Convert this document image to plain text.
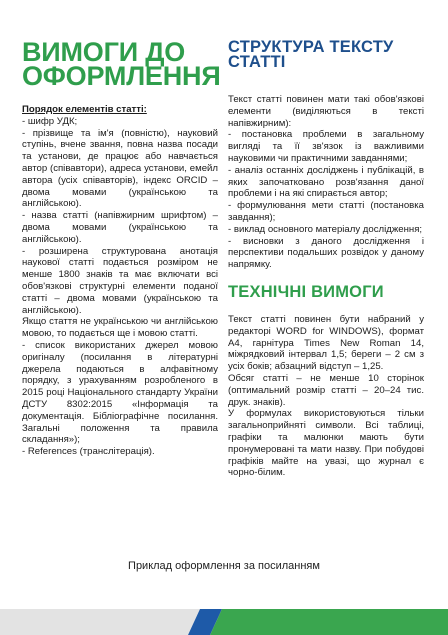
ВИМОГИ ДО
ОФОРМЛЕННЯ

Порядок елементів статті:

- шифр УДК;

- прізвище та ім'я (повністю), науковий ступінь, вчене звання, повна назва посади та установи, де працює або навчається автор (співавтори), адреса установи, емейл автора (усіх співавторів), індекс ORCID – двома мовами (українською та англійською).

- назва статті (напівжирним шрифтом) – двома мовами (українською та англійською).

- розширена структурована анотація наукової статті подається розміром не менше 1800 знаків та має включати всі обов'язкові структурні елементи поданої статті – двома мовами (українською та англійською).

Якщо стаття не українською чи англійською мовою, то подається ще і мовою статті.

- список використаних джерел мовою оригіналу (посилання в літературні джерела подаються в алфавітному порядку, з урахуванням розробленого в 2015 році Національного стандарту України ДСТУ 8302:2015 «Інформація та документація. Бібліографічне посилання. Загальні положення та правила складання»);

- References (транслітерація).

СТРУКТУРА ТЕКСТУ
СТАТТІ

Текст статті повинен мати такі обов'язкові елементи (виділяються в тексті напівжирним):

- постановка проблеми в загальному вигляді та її зв'язок із важливими науковими чи практичними завданнями;

- аналіз останніх досліджень і публікацій, в яких започатковано розв'язання даної проблеми і на які спирається автор;

- формулювання мети статті (постановка завдання);

- виклад основного матеріалу дослідження;

- висновки з даного дослідження і перспективи подальших розвідок у даному напрямку.

ТЕХНІЧНІ ВИМОГИ

Текст статті повинен бути набраний у редакторі WORD for WINDOWS), формат А4, гарнітура Times New Roman 14, міжрядковий інтервал 1,5; береги – 2 см з усіх боків; абзацний відступ – 1,25.

Обсяг статті – не менше 10 сторінок (оптимальний розмір статті – 20–24 тис. друк. знаків).

У формулах використовуються тільки загальноприйняті символи. Всі таблиці, графіки та малюнки мають бути пронумеровані та мати назву. При побудові графіків майте на увазі, що журнал є чорно-білим.

Приклад оформлення за посиланням
